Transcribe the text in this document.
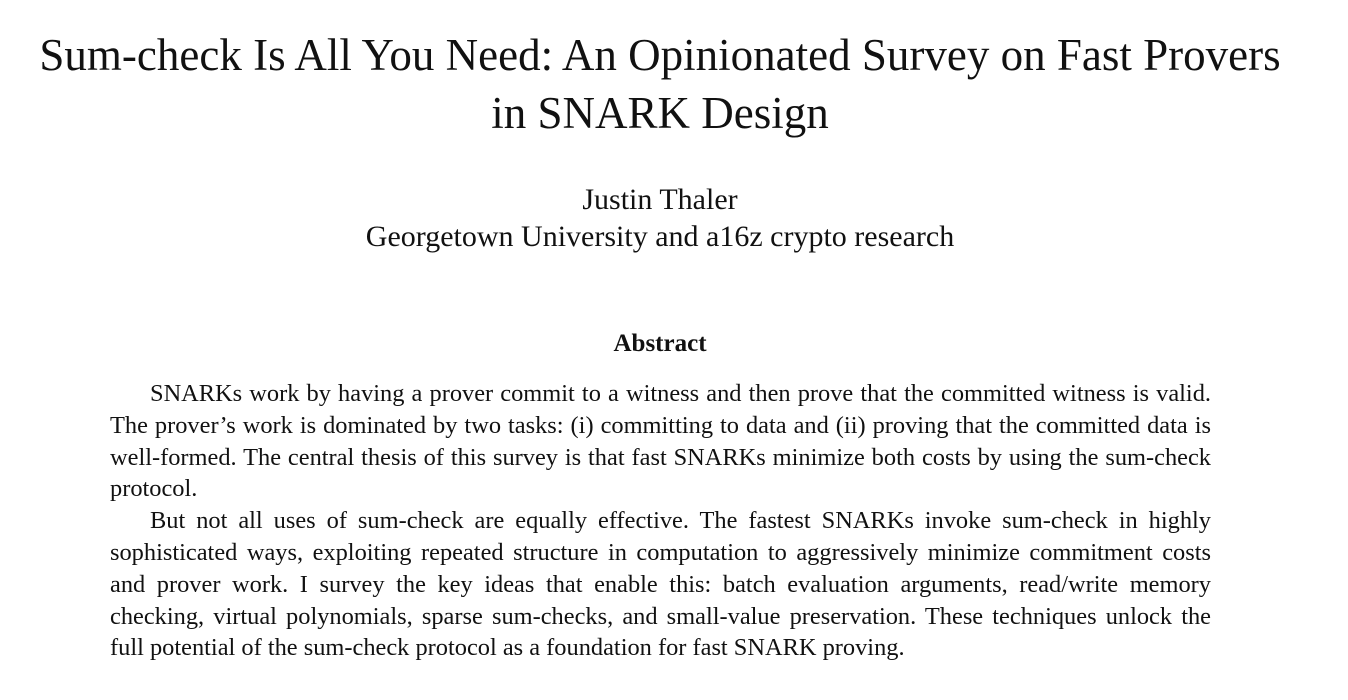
Sum-check Is All You Need: An Opinionated Survey on Fast Provers
in SNARK Design
Justin Thaler
Georgetown University and a16z crypto research
Abstract

SNARKs work by having a prover commit to a witness and then prove that the committed witness is valid. The prover’s work is dominated by two tasks: (i) committing to data and (ii) proving that the committed data is well-formed. The central thesis of this survey is that fast SNARKs minimize both costs by using the sum-check protocol.

But not all uses of sum-check are equally effective. The fastest SNARKs invoke sum-check in highly sophisticated ways, exploiting repeated structure in computation to aggressively minimize commitment costs and prover work. I survey the key ideas that enable this: batch evaluation arguments, read/write memory checking, virtual polynomials, sparse sum-checks, and small-value preservation. These techniques unlock the full potential of the sum-check protocol as a foundation for fast SNARK proving.
